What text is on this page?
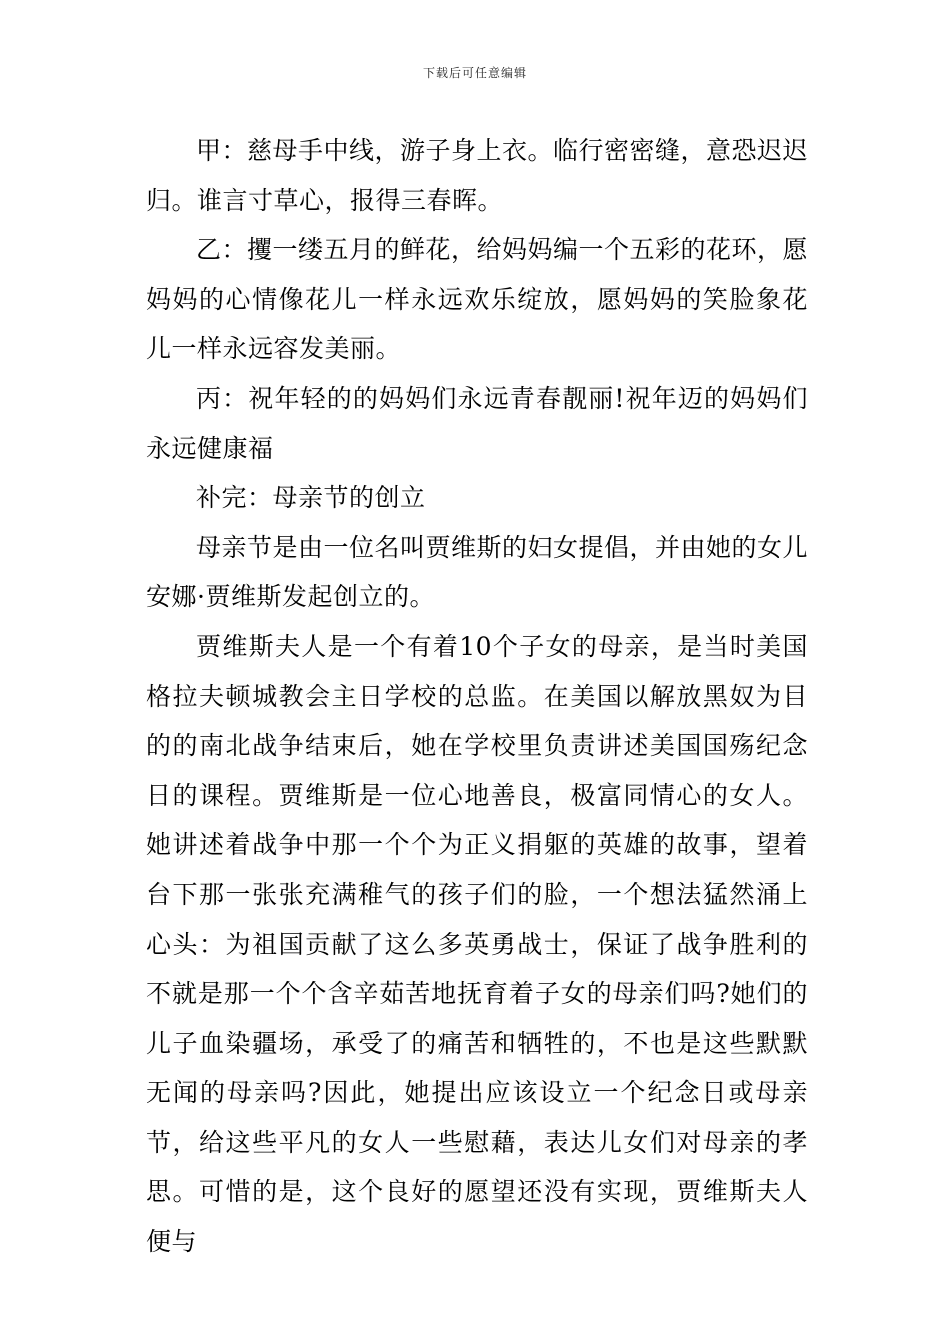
下载后可任意编辑

甲：慈母手中线，游子身上衣。临行密密缝，意恐迟迟归。谁言寸草心，报得三春晖。

乙：攫一缕五月的鲜花，给妈妈编一个五彩的花环，愿妈妈的心情像花儿一样永远欢乐绽放，愿妈妈的笑脸象花儿一样永远容发美丽。

丙：祝年轻的的妈妈们永远青春靓丽!祝年迈的妈妈们永远健康福

补完：母亲节的创立

母亲节是由一位名叫贾维斯的妇女提倡，并由她的女儿安娜·贾维斯发起创立的。

贾维斯夫人是一个有着10个子女的母亲，是当时美国格拉夫顿城教会主日学校的总监。在美国以解放黑奴为目的的南北战争结束后，她在学校里负责讲述美国国殇纪念日的课程。贾维斯是一位心地善良，极富同情心的女人。她讲述着战争中那一个个为正义捐躯的英雄的故事，望着台下那一张张充满稚气的孩子们的脸，一个想法猛然涌上心头：为祖国贡献了这么多英勇战士，保证了战争胜利的不就是那一个个含辛茹苦地抚育着子女的母亲们吗?她们的儿子血染疆场，承受了的痛苦和牺牲的，不也是这些默默无闻的母亲吗?因此，她提出应该设立一个纪念日或母亲节，给这些平凡的女人一些慰藉，表达儿女们对母亲的孝思。可惜的是，这个良好的愿望还没有实现，贾维斯夫人便与
